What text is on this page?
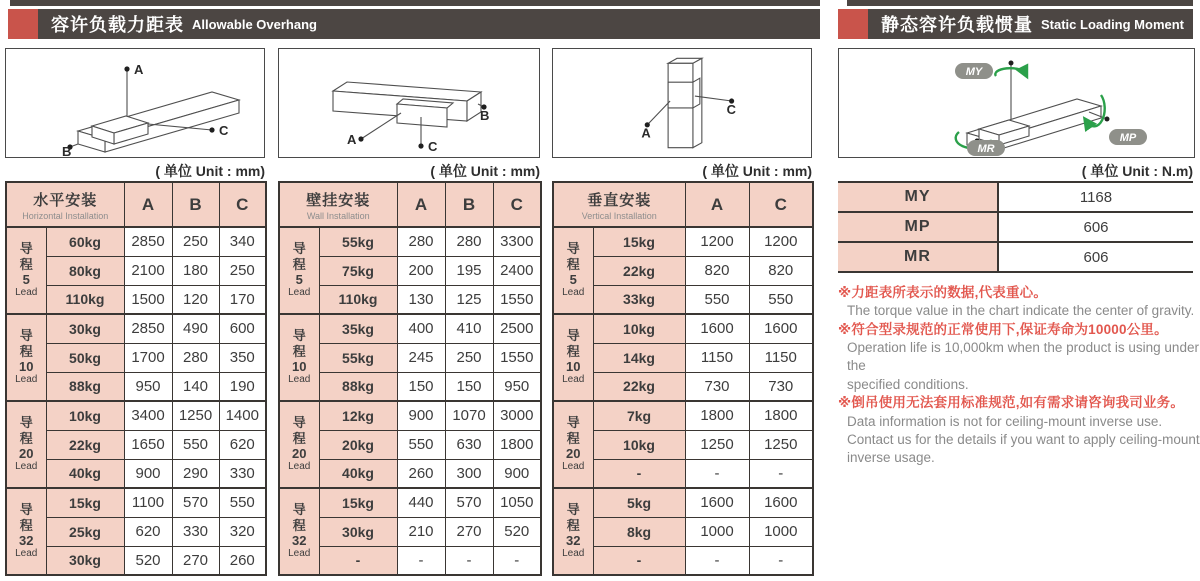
容许负载力距表 Allowable Overhang	静态容许负载惯量 Static Loading Moment
A
C
B
A	C
B
A
C
MY
MP
MR
( 单位 Unit : mm)	( 单位 Unit : mm)	( 单位 Unit : mm)	( 单位 Unit : N.m)
水平安装
Horizontal Installation		A	B	C

导
程
5
Lead	60kg	2850	250	340
	80kg	2100	180	250
	110kg	1500	120	170

导
程
10
Lead	30kg	2850	490	600
	50kg	1700	280	350
	88kg	950	140	190

导
程
20
Lead	10kg	3400	1250	1400
	22kg	1650	550	620
	40kg	900	290	330

导
程
32
Lead	15kg	1100	570	550
	25kg	620	330	320
	30kg	520	270	260
壁挂安装
Wall Installation		A	B	C

导
程
5
Lead	55kg	280	280	3300
	75kg	200	195	2400
	110kg	130	125	1550

导
程
10
Lead	35kg	400	410	2500
	55kg	245	250	1550
	88kg	150	150	950

导
程
20
Lead	12kg	900	1070	3000
	20kg	550	630	1800
	40kg	260	300	900

导
程
32
Lead	15kg	440	570	1050
	30kg	210	270	520
	-	-	-	-
垂直安装
Vertical Installation		A	C

导
程
5
Lead	15kg	1200	1200
	22kg	820	820
	33kg	550	550

导
程
10
Lead	10kg	1600	1600
	14kg	1150	1150
	22kg	730	730

导
程
20
Lead	7kg	1800	1800
	10kg	1250	1250
	-	-	-

导
程
32
Lead	5kg	1600	1600
	8kg	1000	1000
	-	-	-
MY	1168
MP	606
MR	606
※力距表所表示的数据,代表重心。
The torque value in the chart indicate the center of gravity.
※符合型录规范的正常使用下,保证寿命为10000公里。
Operation life is 10,000km when the product is using under the
specified conditions.
※倒吊使用无法套用标准规范,如有需求请咨询我司业务。
Data information is not for ceiling-mount inverse use.
Contact us for the details if you want to apply ceiling-mount
inverse usage.
